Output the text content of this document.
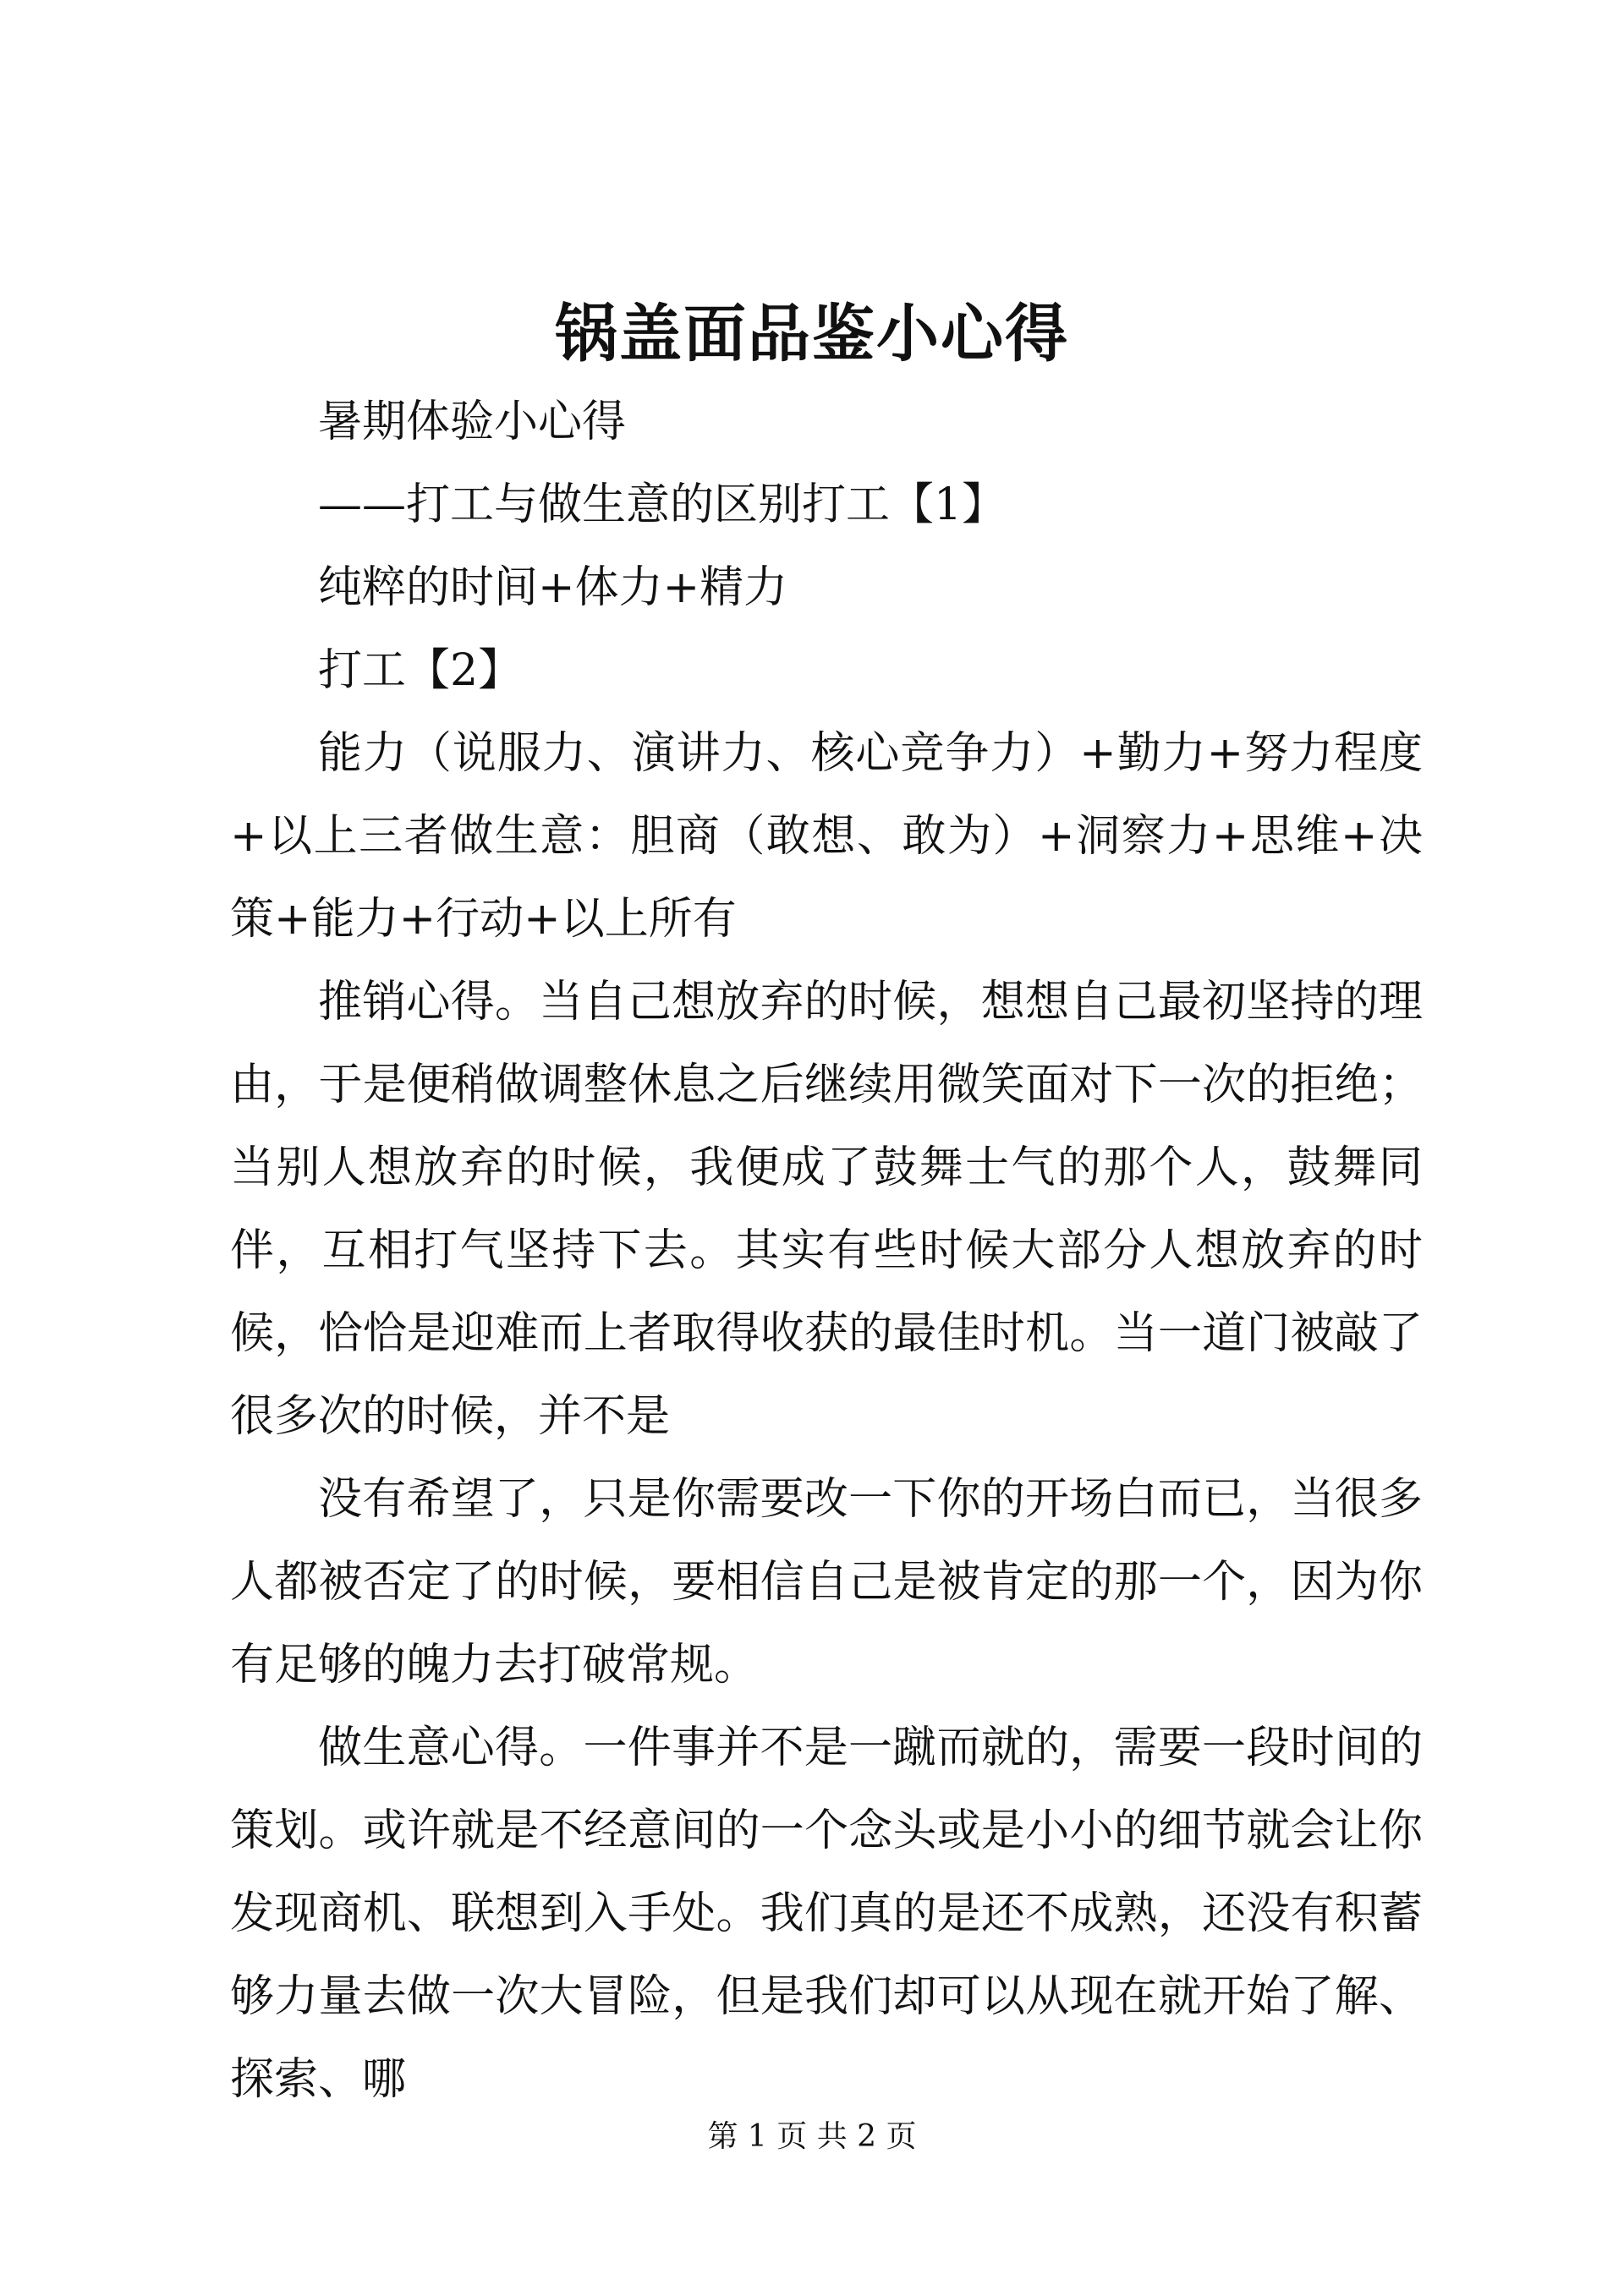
锅盖面品鉴小心得

暑期体验小心得

——打工与做生意的区别打工【1】

纯粹的时间+体力+精力

打工【2】

能力（说服力、演讲力、核心竞争力）+勤力+努力程度+以上三者做生意：胆商（敢想、敢为）+洞察力+思维+决策+能力+行动+以上所有

推销心得。当自己想放弃的时候，想想自己最初坚持的理由，于是便稍做调整休息之后继续用微笑面对下一次的拒绝；当别人想放弃的时候，我便成了鼓舞士气的那个人，鼓舞同伴，互相打气坚持下去。其实有些时候大部分人想放弃的时候，恰恰是迎难而上者取得收获的最佳时机。当一道门被敲了很多次的时候，并不是

没有希望了，只是你需要改一下你的开场白而已，当很多人都被否定了的时候，要相信自己是被肯定的那一个，因为你有足够的魄力去打破常规。

做生意心得。一件事并不是一蹴而就的，需要一段时间的策划。或许就是不经意间的一个念头或是小小的细节就会让你发现商机、联想到入手处。我们真的是还不成熟，还没有积蓄够力量去做一次大冒险，但是我们却可以从现在就开始了解、探索、哪

第 1 页 共 2 页
